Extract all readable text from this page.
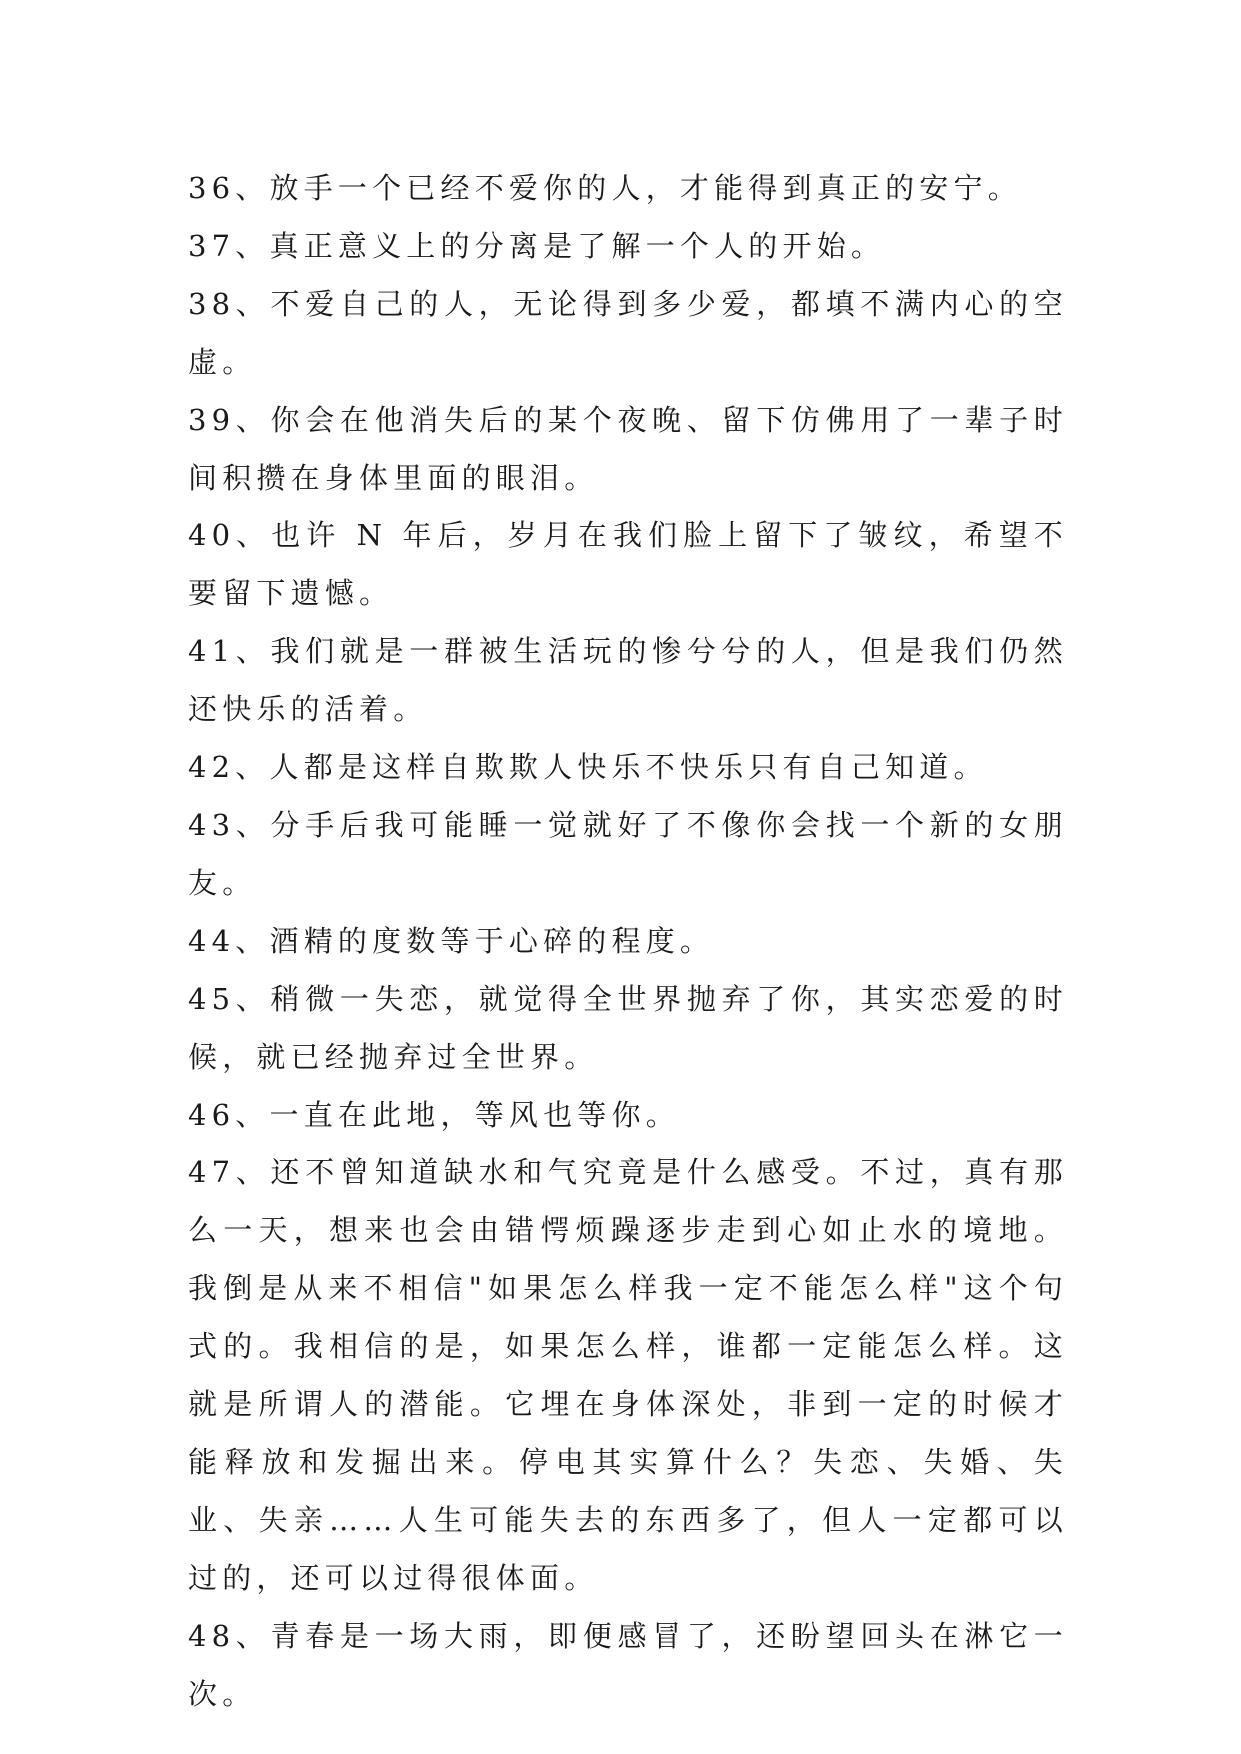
36、放手一个已经不爱你的人，才能得到真正的安宁。

37、真正意义上的分离是了解一个人的开始。

38、不爱自己的人，无论得到多少爱，都填不满内心的空虚。

39、你会在他消失后的某个夜晚、留下仿佛用了一辈子时间积攒在身体里面的眼泪。

40、也许 N 年后，岁月在我们脸上留下了皱纹，希望不要留下遗憾。

41、我们就是一群被生活玩的惨兮兮的人，但是我们仍然还快乐的活着。

42、人都是这样自欺欺人快乐不快乐只有自己知道。

43、分手后我可能睡一觉就好了不像你会找一个新的女朋友。

44、酒精的度数等于心碎的程度。

45、稍微一失恋，就觉得全世界抛弃了你，其实恋爱的时候，就已经抛弃过全世界。

46、一直在此地，等风也等你。

47、还不曾知道缺水和气究竟是什么感受。不过，真有那么一天，想来也会由错愕烦躁逐步走到心如止水的境地。我倒是从来不相信"如果怎么样我一定不能怎么样"这个句式的。我相信的是，如果怎么样，谁都一定能怎么样。这就是所谓人的潜能。它埋在身体深处，非到一定的时候才能释放和发掘出来。停电其实算什么？失恋、失婚、失业、失亲……人生可能失去的东西多了，但人一定都可以过的，还可以过得很体面。

48、青春是一场大雨，即便感冒了，还盼望回头在淋它一次。
